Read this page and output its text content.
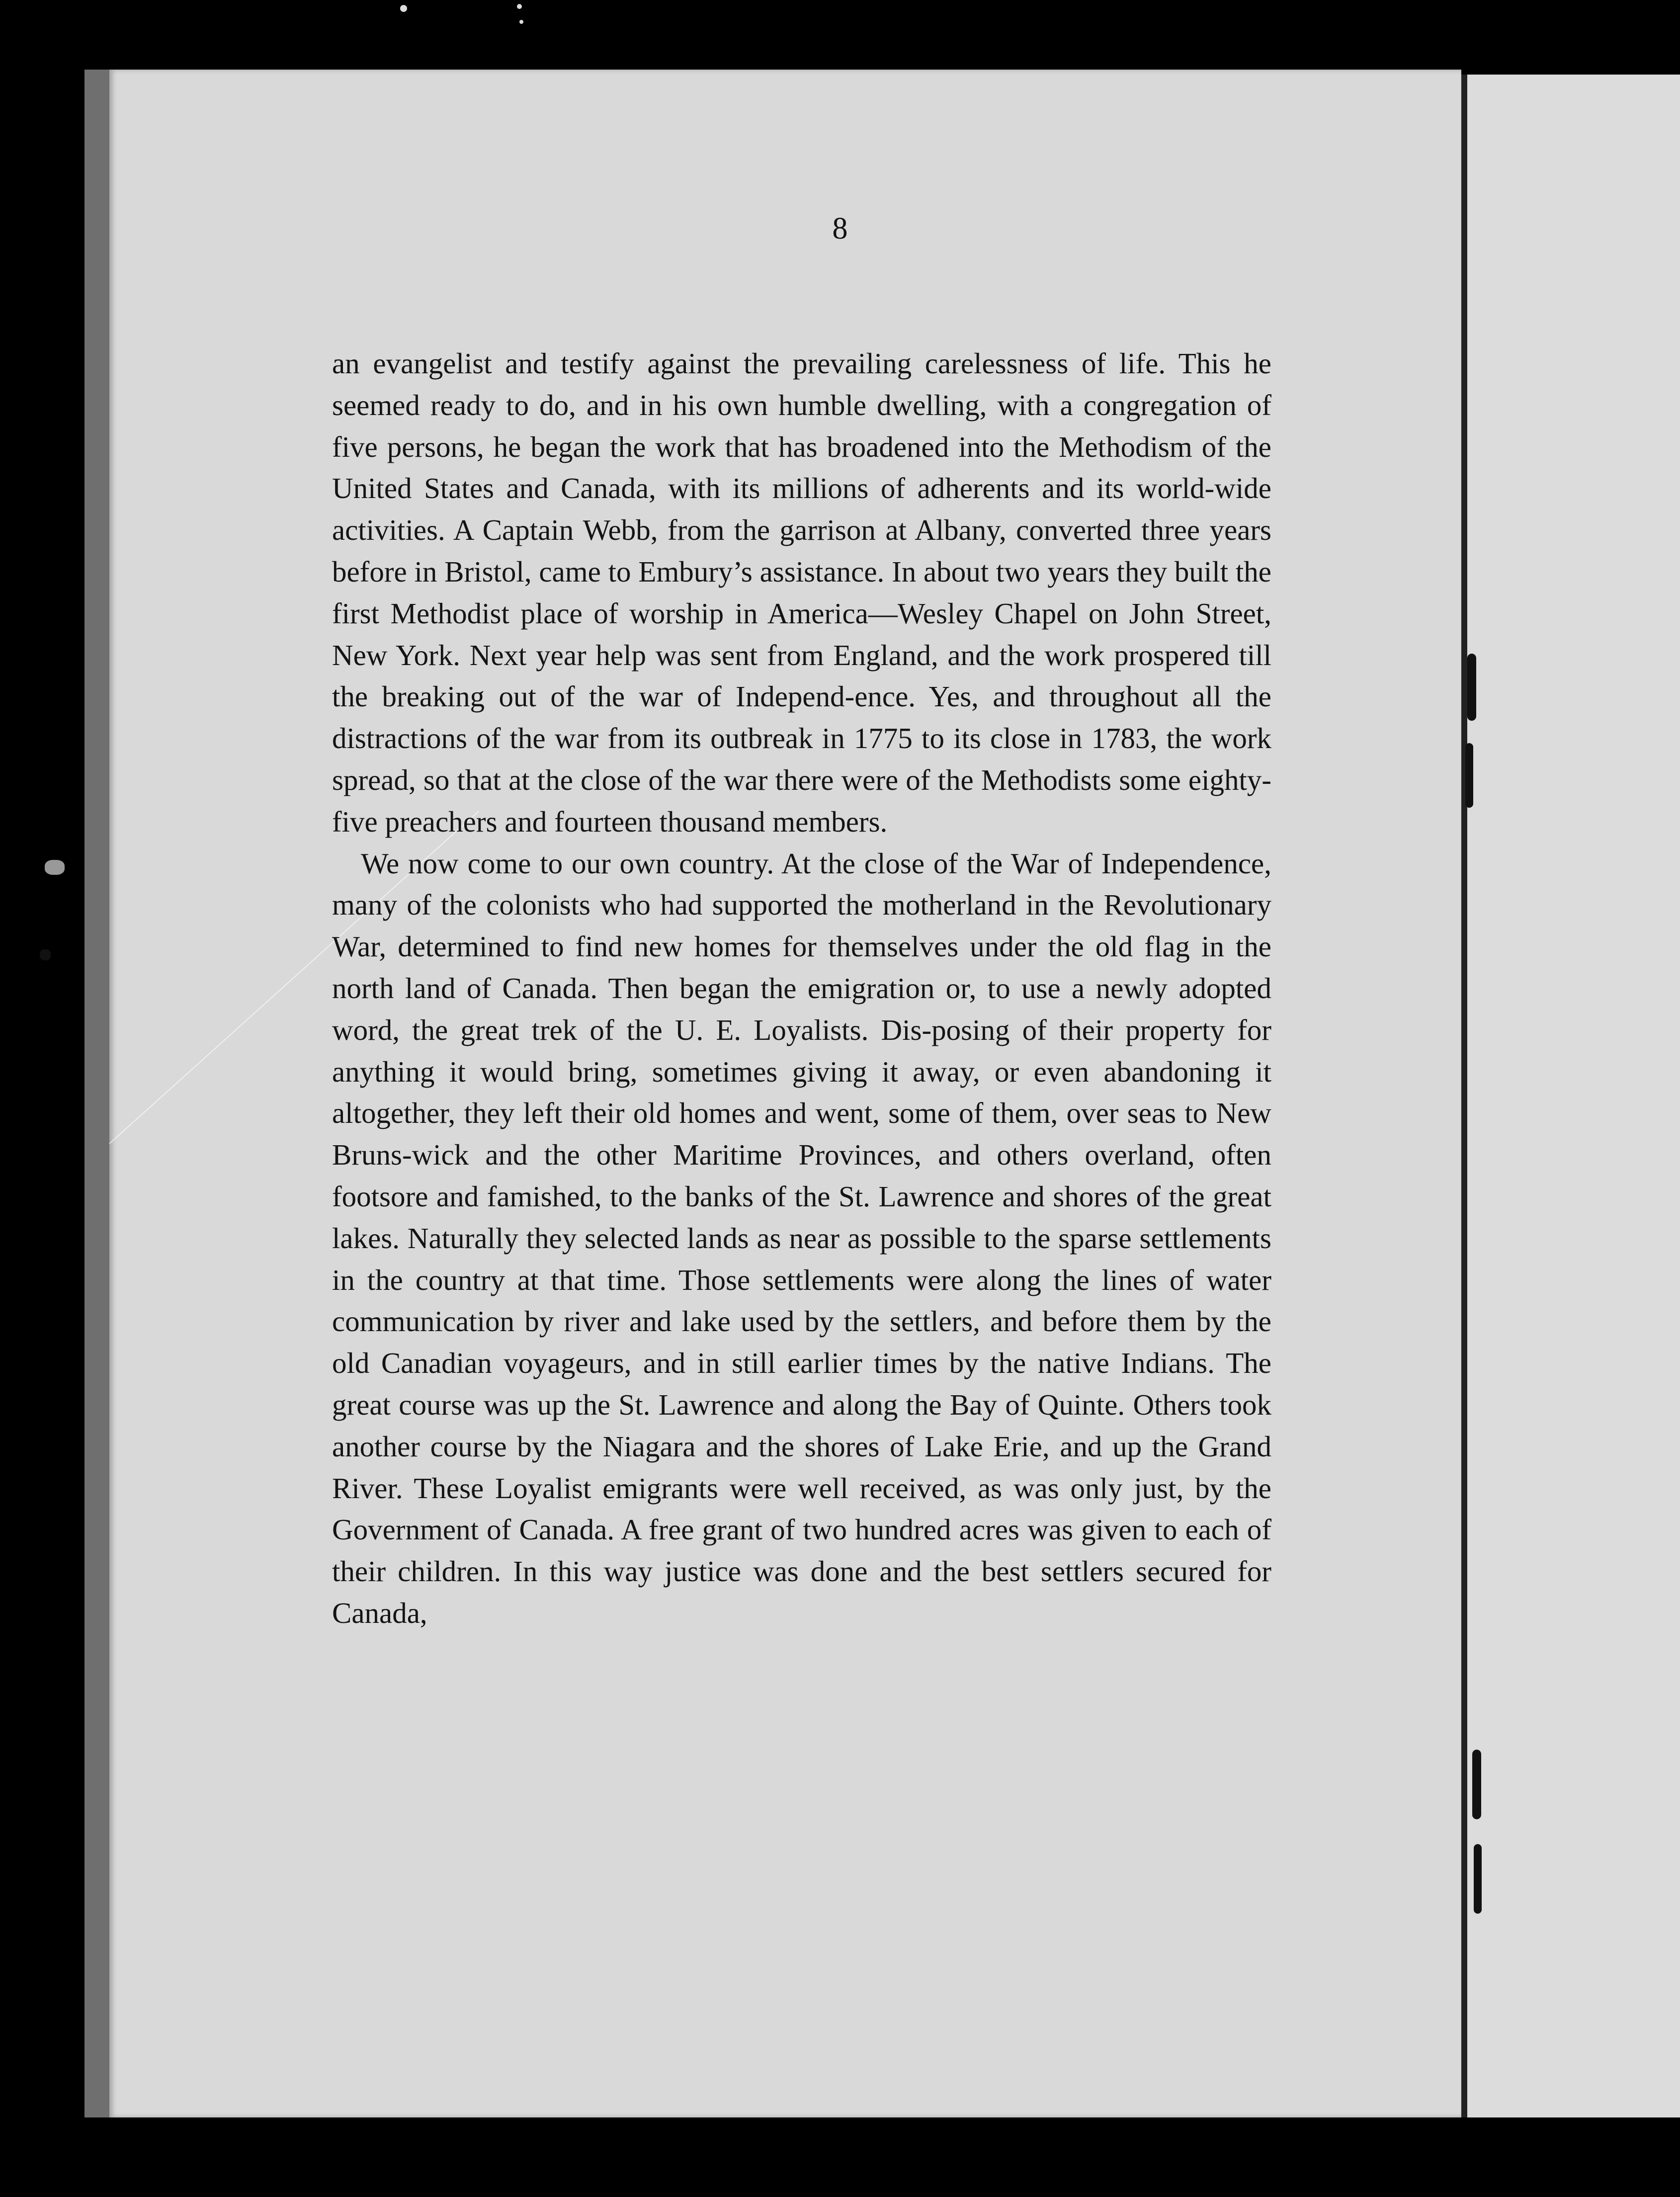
8

an evangelist and testify against the prevailing carelessness of life. This he seemed ready to do, and in his own humble dwelling, with a congregation of five persons, he began the work that has broadened into the Methodism of the United States and Canada, with its millions of adherents and its world-wide activities. A Captain Webb, from the garrison at Albany, converted three years before in Bristol, came to Embury’s assistance. In about two years they built the first Methodist place of worship in America—Wesley Chapel on John Street, New York. Next year help was sent from England, and the work prospered till the breaking out of the war of Independ-ence. Yes, and throughout all the distractions of the war from its outbreak in 1775 to its close in 1783, the work spread, so that at the close of the war there were of the Methodists some eighty-five preachers and fourteen thousand members.

We now come to our own country. At the close of the War of Independence, many of the colonists who had supported the motherland in the Revolutionary War, determined to find new homes for themselves under the old flag in the north land of Canada. Then began the emigration or, to use a newly adopted word, the great trek of the U. E. Loyalists. Dis-posing of their property for anything it would bring, sometimes giving it away, or even abandoning it altogether, they left their old homes and went, some of them, over seas to New Bruns-wick and the other Maritime Provinces, and others overland, often footsore and famished, to the banks of the St. Lawrence and shores of the great lakes. Naturally they selected lands as near as possible to the sparse settlements in the country at that time. Those settlements were along the lines of water communication by river and lake used by the settlers, and before them by the old Canadian voyageurs, and in still earlier times by the native Indians. The great course was up the St. Lawrence and along the Bay of Quinte. Others took another course by the Niagara and the shores of Lake Erie, and up the Grand River. These Loyalist emigrants were well received, as was only just, by the Government of Canada. A free grant of two hundred acres was given to each of their children. In this way justice was done and the best settlers secured for Canada,
